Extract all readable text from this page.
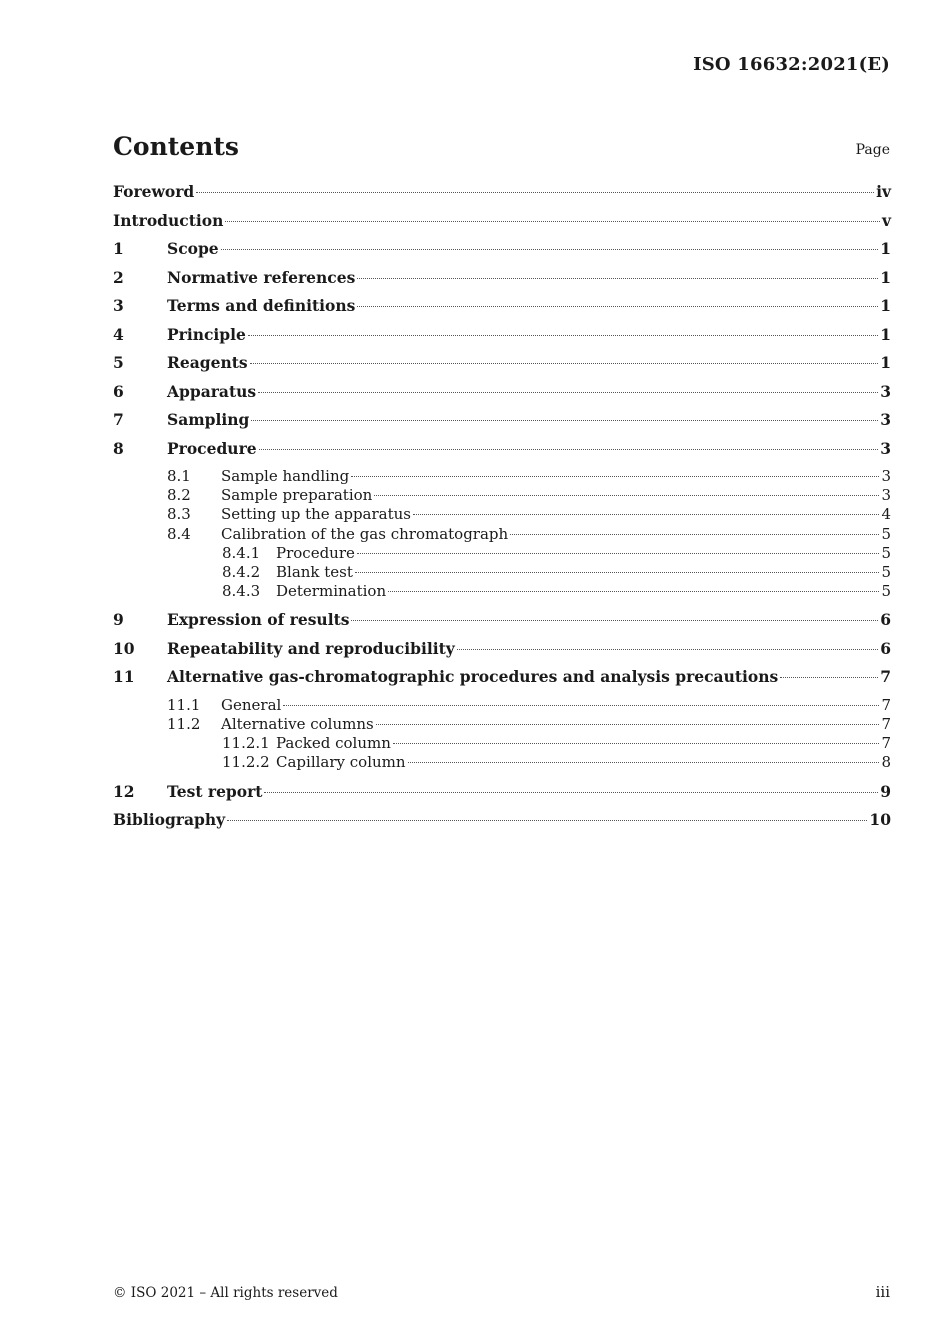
ISO 16632:2021(E)
Contents	Page
Foreword	iv
Introduction	v
1	Scope	1
2	Normative references	1
3	Terms and definitions	1
4	Principle	1
5	Reagents	1
6	Apparatus	3
7	Sampling	3
8	Procedure	3
8.1	Sample handling	3
8.2	Sample preparation	3
8.3	Setting up the apparatus	4
8.4	Calibration of the gas chromatograph	5
8.4.1	Procedure	5
8.4.2	Blank test	5
8.4.3	Determination	5
9	Expression of results	6
10	Repeatability and reproducibility	6
11	Alternative gas-chromatographic procedures and analysis precautions	7
11.1	General	7
11.2	Alternative columns	7
11.2.1 Packed column	7
11.2.2 Capillary column	8
12	Test report	9
Bibliography	10
© ISO 2021 – All rights reserved	iii
